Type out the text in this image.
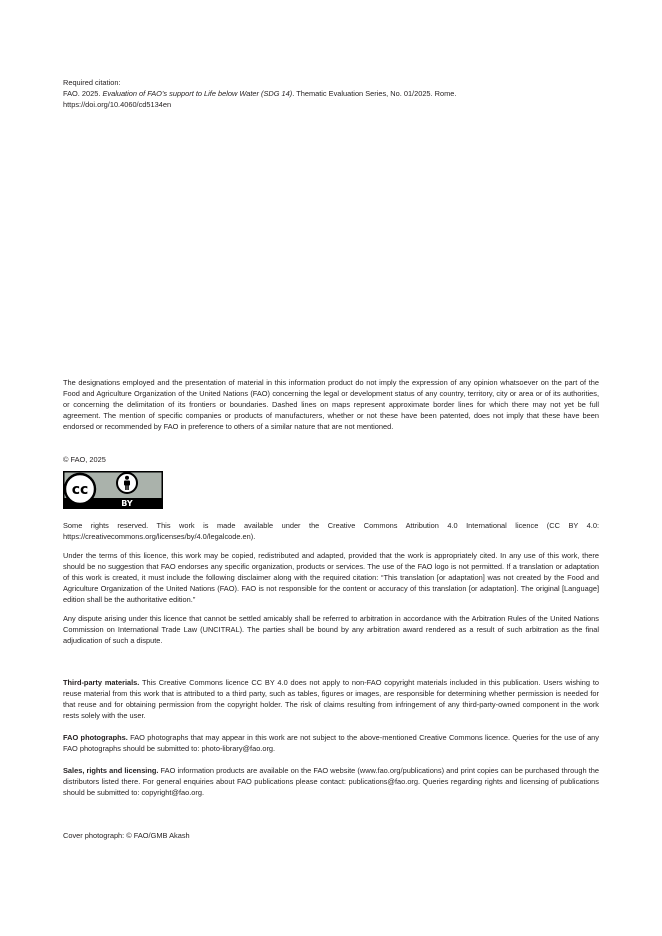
Required citation:
FAO. 2025. Evaluation of FAO’s support to Life below Water (SDG 14). Thematic Evaluation Series, No. 01/2025. Rome.
https://doi.org/10.4060/cd5134en

The designations employed and the presentation of material in this information product do not imply the expression of any opinion whatsoever on the part of the Food and Agriculture Organization of the United Nations (FAO) concerning the legal or development status of any country, territory, city or area or of its authorities, or concerning the delimitation of its frontiers or boundaries. Dashed lines on maps represent approximate border lines for which there may not yet be full agreement. The mention of specific companies or products of manufacturers, whether or not these have been patented, does not imply that these have been endorsed or recommended by FAO in preference to others of a similar nature that are not mentioned.

© FAO, 2025

cc
BY

Some rights reserved. This work is made available under the Creative Commons Attribution 4.0 International licence (CC BY 4.0: https://creativecommons.org/licenses/by/4.0/legalcode.en).

Under the terms of this licence, this work may be copied, redistributed and adapted, provided that the work is appropriately cited. In any use of this work, there should be no suggestion that FAO endorses any specific organization, products or services. The use of the FAO logo is not permitted. If a translation or adaptation of this work is created, it must include the following disclaimer along with the required citation: “This translation [or adaptation] was not created by the Food and Agriculture Organization of the United Nations (FAO). FAO is not responsible for the content or accuracy of this translation [or adaptation]. The original [Language] edition shall be the authoritative edition.”

Any dispute arising under this licence that cannot be settled amicably shall be referred to arbitration in accordance with the Arbitration Rules of the United Nations Commission on International Trade Law (UNCITRAL). The parties shall be bound by any arbitration award rendered as a result of such arbitration as the final adjudication of such a dispute.

Third-party materials. This Creative Commons licence CC BY 4.0 does not apply to non-FAO copyright materials included in this publication. Users wishing to reuse material from this work that is attributed to a third party, such as tables, figures or images, are responsible for determining whether permission is needed for that reuse and for obtaining permission from the copyright holder. The risk of claims resulting from infringement of any third-party-owned component in the work rests solely with the user.

FAO photographs. FAO photographs that may appear in this work are not subject to the above-mentioned Creative Commons licence. Queries for the use of any FAO photographs should be submitted to: photo-library@fao.org.

Sales, rights and licensing. FAO information products are available on the FAO website (www.fao.org/publications) and print copies can be purchased through the distributors listed there. For general enquiries about FAO publications please contact: publications@fao.org. Queries regarding rights and licensing of publications should be submitted to: copyright@fao.org.

Cover photograph: © FAO/GMB Akash
